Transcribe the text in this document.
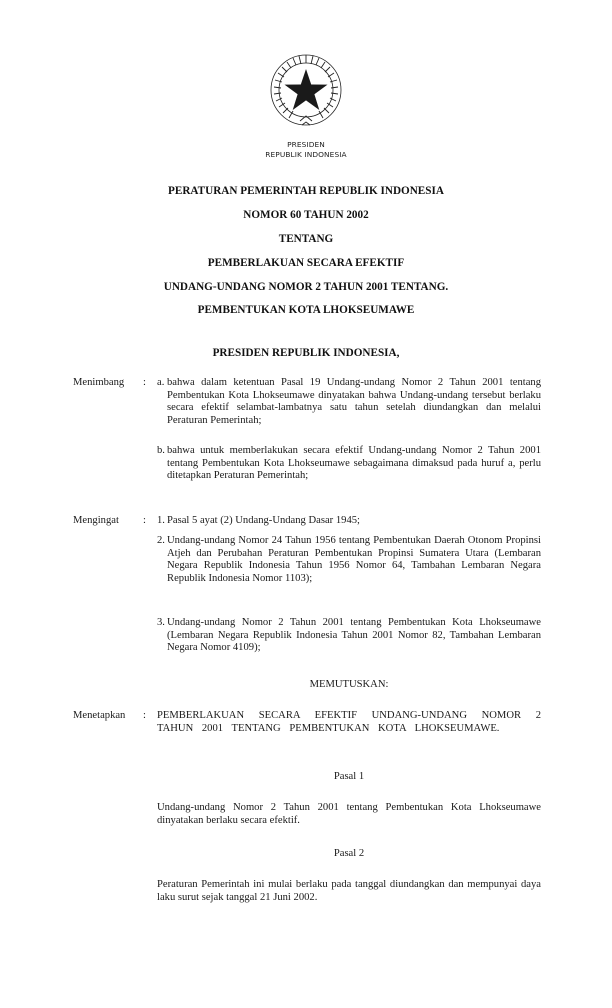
PRESIDEN
REPUBLIK INDONESIA
PERATURAN PEMERINTAH REPUBLIK INDONESIA
NOMOR 60 TAHUN 2002
TENTANG
PEMBERLAKUAN SECARA EFEKTIF
UNDANG-UNDANG NOMOR 2 TAHUN 2001 TENTANG.
PEMBENTUKAN KOTA LHOKSEUMAWE
PRESIDEN REPUBLIK INDONESIA,
Menimbang : a. bahwa dalam ketentuan Pasal 19 Undang-undang Nomor 2 Tahun 2001 tentang Pembentukan Kota Lhokseumawe dinyatakan bahwa Undang-undang tersebut berlaku secara efektif selambat-lambatnya satu tahun setelah diundangkan dan melalui Peraturan Pemerintah;
b. bahwa untuk memberlakukan secara efektif Undang-undang Nomor 2 Tahun 2001 tentang Pembentukan Kota Lhokseumawe sebagaimana dimaksud pada huruf a, perlu ditetapkan Peraturan Pemerintah;
Mengingat : 1. Pasal 5 ayat (2) Undang-Undang Dasar 1945;
2. Undang-undang Nomor 24 Tahun 1956 tentang Pembentukan Daerah Otonom Propinsi Atjeh dan Perubahan Peraturan Pembentukan Propinsi Sumatera Utara (Lembaran Negara Republik Indonesia Tahun 1956 Nomor 64, Tambahan Lembaran Negara Republik Indonesia Nomor 1103);
3. Undang-undang Nomor 2 Tahun 2001 tentang Pembentukan Kota Lhokseumawe (Lembaran Negara Republik Indonesia Tahun 2001 Nomor 82, Tambahan Lembaran Negara Nomor 4109);
MEMUTUSKAN:
Menetapkan : PEMBERLAKUAN SECARA EFEKTIF UNDANG-UNDANG NOMOR 2 TAHUN 2001 TENTANG PEMBENTUKAN KOTA LHOKSEUMAWE.
Pasal 1
Undang-undang Nomor 2 Tahun 2001 tentang Pembentukan Kota Lhokseumawe dinyatakan berlaku secara efektif.
Pasal 2
Peraturan Pemerintah ini mulai berlaku pada tanggal diundangkan dan mempunyai daya laku surut sejak tanggal 21 Juni 2002.
